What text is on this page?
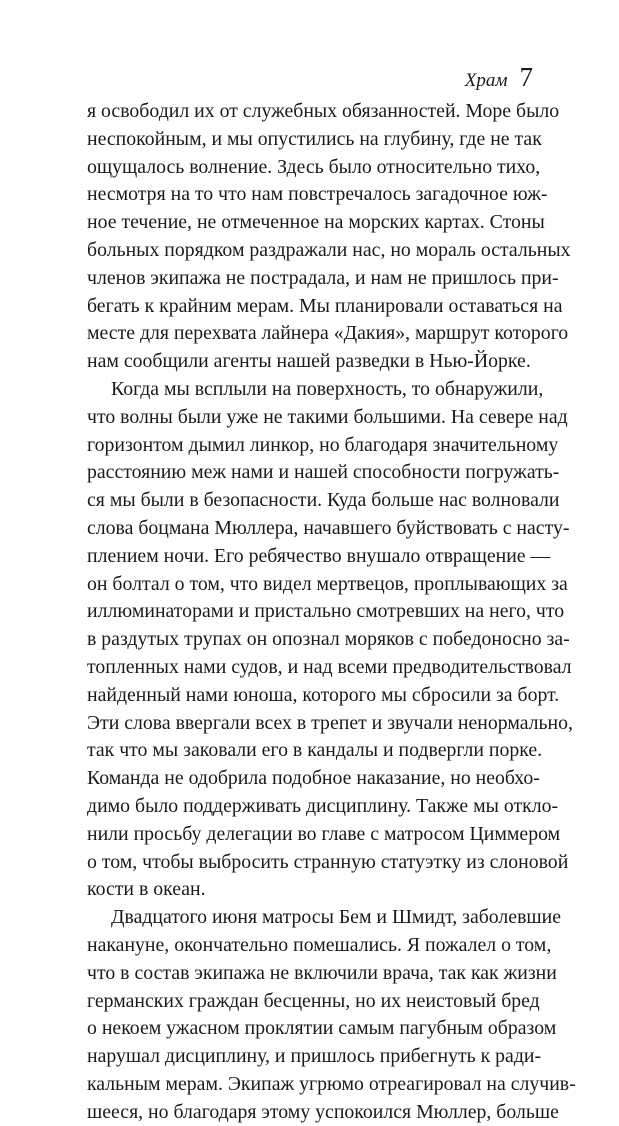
Храм 7
я освободил их от служебных обязанностей. Море было
неспокойным, и мы опустились на глубину, где не так
ощущалось волнение. Здесь было относительно тихо,
несмотря на то что нам повстречалось загадочное юж-
ное течение, не отмеченное на морских картах. Стоны
больных порядком раздражали нас, но мораль остальных
членов экипажа не пострадала, и нам не пришлось при-
бегать к крайним мерам. Мы планировали оставаться на
месте для перехвата лайнера «Дакия», маршрут которого
нам сообщили агенты нашей разведки в Нью-Йорке.
Когда мы всплыли на поверхность, то обнаружили,
что волны были уже не такими большими. На севере над
горизонтом дымил линкор, но благодаря значительному
расстоянию меж нами и нашей способности погружать-
ся мы были в безопасности. Куда больше нас волновали
слова боцмана Мюллера, начавшего буйствовать с насту-
плением ночи. Его ребячество внушало отвращение —
он болтал о том, что видел мертвецов, проплывающих за
иллюминаторами и пристально смотревших на него, что
в раздутых трупах он опознал моряков с победоносно за-
топленных нами судов, и над всеми предводительствовал
найденный нами юноша, которого мы сбросили за борт.
Эти слова ввергали всех в трепет и звучали ненормально,
так что мы заковали его в кандалы и подвергли порке.
Команда не одобрила подобное наказание, но необхо-
димо было поддерживать дисциплину. Также мы откло-
нили просьбу делегации во главе с матросом Циммером
о том, чтобы выбросить странную статуэтку из слоновой
кости в океан.
Двадцатого июня матросы Бем и Шмидт, заболевшие
накануне, окончательно помешались. Я пожалел о том,
что в состав экипажа не включили врача, так как жизни
германских граждан бесценны, но их неистовый бред
о некоем ужасном проклятии самым пагубным образом
нарушал дисциплину, и пришлось прибегнуть к ради-
кальным мерам. Экипаж угрюмо отреагировал на случив-
шееся, но благодаря этому успокоился Мюллер, больше
